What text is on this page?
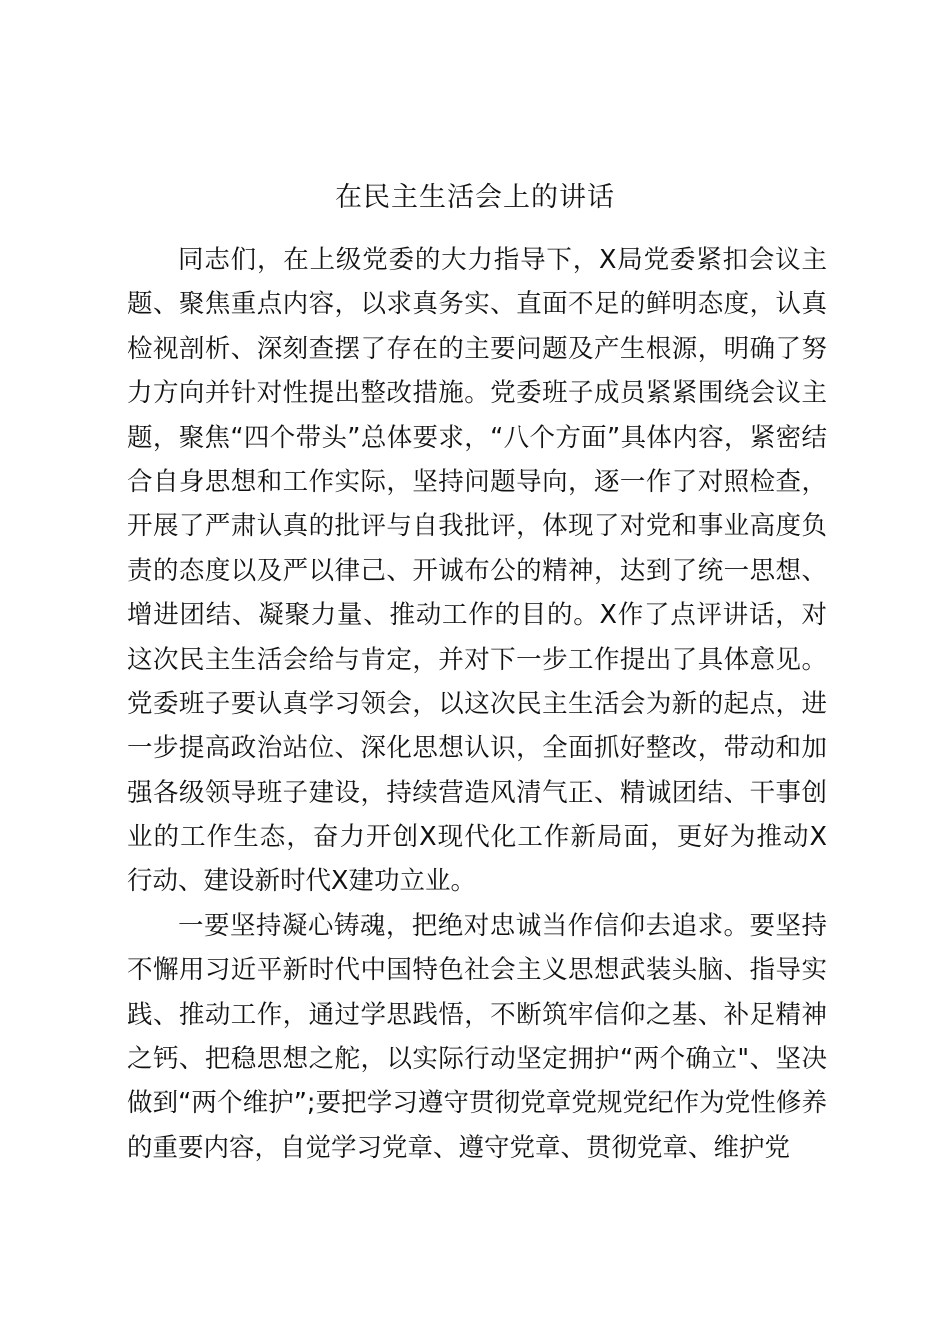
在民主生活会上的讲话
同志们，在上级党委的大力指导下，X局党委紧扣会议主
题、聚焦重点内容，以求真务实、直面不足的鲜明态度，认真
检视剖析、深刻查摆了存在的主要问题及产生根源，明确了努
力方向并针对性提出整改措施。党委班子成员紧紧围绕会议主
题，聚焦“四个带头”总体要求，“八个方面”具体内容，紧密结
合自身思想和工作实际，坚持问题导向，逐一作了对照检查，
开展了严肃认真的批评与自我批评，体现了对党和事业高度负
责的态度以及严以律己、开诚布公的精神，达到了统一思想、
增进团结、凝聚力量、推动工作的目的。X作了点评讲话，对
这次民主生活会给与肯定，并对下一步工作提出了具体意见。
党委班子要认真学习领会，以这次民主生活会为新的起点，进
一步提高政治站位、深化思想认识，全面抓好整改，带动和加
强各级领导班子建设，持续营造风清气正、精诚团结、干事创
业的工作生态，奋力开创X现代化工作新局面，更好为推动X
行动、建设新时代X建功立业。
一要坚持凝心铸魂，把绝对忠诚当作信仰去追求。要坚持
不懈用习近平新时代中国特色社会主义思想武装头脑、指导实
践、推动工作，通过学思践悟，不断筑牢信仰之基、补足精神
之钙、把稳思想之舵，以实际行动坚定拥护“两个确立"、坚决
做到“两个维护”;要把学习遵守贯彻党章党规党纪作为党性修养
的重要内容，自觉学习党章、遵守党章、贯彻党章、维护党
